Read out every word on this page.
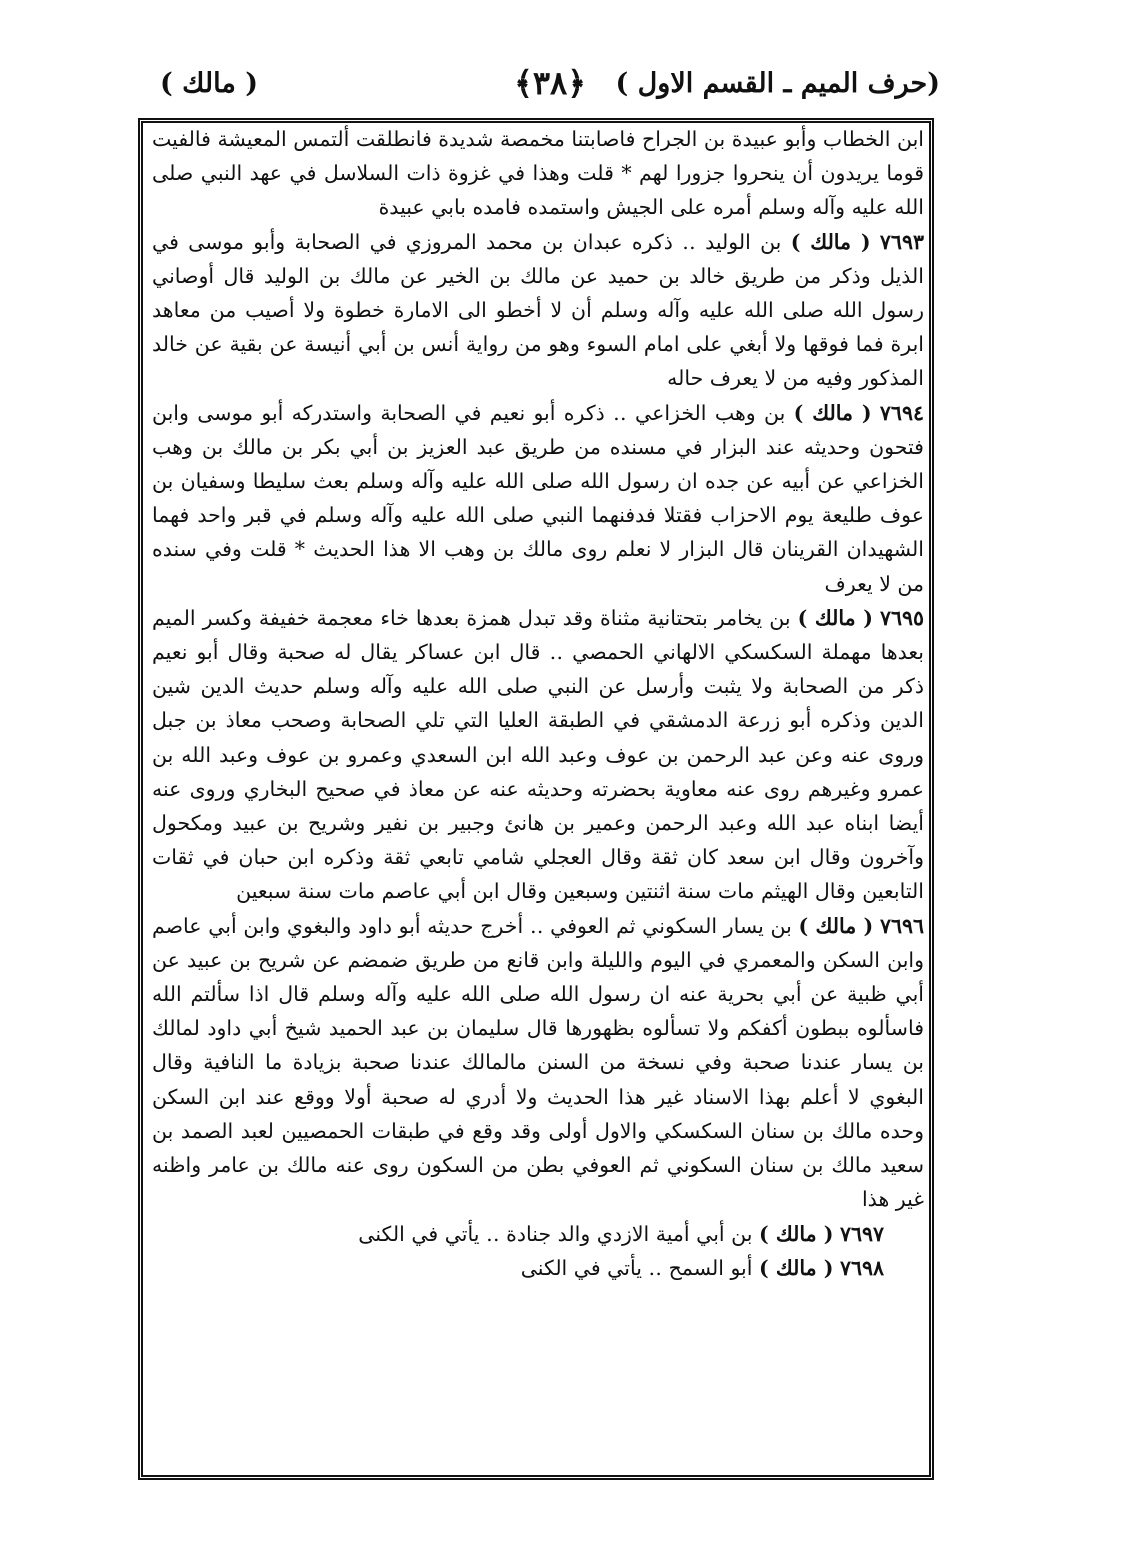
(حرف الميم ـ القسم الاول )
﴿٣٨﴾
( مالك )

ابن الخطاب وأبو عبيدة بن الجراح فاصابتنا مخمصة شديدة فانطلقت ألتمس المعيشة فالفيت قوما يريدون أن ينحروا جزورا لهم * قلت وهذا في غزوة ذات السلاسل في عهد النبي صلى الله عليه وآله وسلم أمره على الجيش واستمده فامده بابي عبيدة

٧٦٩٣ ( مالك ) بن الوليد ‥ ذكره عبدان بن محمد المروزي في الصحابة وأبو موسى في الذيل وذكر من طريق خالد بن حميد عن مالك بن الخير عن مالك بن الوليد قال أوصاني رسول الله صلى الله عليه وآله وسلم أن لا أخطو الى الامارة خطوة ولا أصيب من معاهد ابرة فما فوقها ولا أبغي على امام السوء وهو من رواية أنس بن أبي أنيسة عن بقية عن خالد المذكور وفيه من لا يعرف حاله

٧٦٩٤ ( مالك ) بن وهب الخزاعي ‥ ذكره أبو نعيم في الصحابة واستدركه أبو موسى وابن فتحون وحديثه عند البزار في مسنده من طريق عبد العزيز بن أبي بكر بن مالك بن وهب الخزاعي عن أبيه عن جده ان رسول الله صلى الله عليه وآله وسلم بعث سليطا وسفيان بن عوف طليعة يوم الاحزاب فقتلا فدفنهما النبي صلى الله عليه وآله وسلم في قبر واحد فهما الشهيدان القرينان قال البزار لا نعلم روى مالك بن وهب الا هذا الحديث * قلت وفي سنده من لا يعرف

٧٦٩٥ ( مالك ) بن يخامر بتحتانية مثناة وقد تبدل همزة بعدها خاء معجمة خفيفة وكسر الميم بعدها مهملة السكسكي الالهاني الحمصي ‥ قال ابن عساكر يقال له صحبة وقال أبو نعيم ذكر من الصحابة ولا يثبت وأرسل عن النبي صلى الله عليه وآله وسلم حديث الدين شين الدين وذكره أبو زرعة الدمشقي في الطبقة العليا التي تلي الصحابة وصحب معاذ بن جبل وروى عنه وعن عبد الرحمن بن عوف وعبد الله ابن السعدي وعمرو بن عوف وعبد الله بن عمرو وغيرهم روى عنه معاوية بحضرته وحديثه عنه عن معاذ في صحيح البخاري وروى عنه أيضا ابناه عبد الله وعبد الرحمن وعمير بن هانئ وجبير بن نفير وشريح بن عبيد ومكحول وآخرون وقال ابن سعد كان ثقة وقال العجلي شامي تابعي ثقة وذكره ابن حبان في ثقات التابعين وقال الهيثم مات سنة اثنتين وسبعين وقال ابن أبي عاصم مات سنة سبعين

٧٦٩٦ ( مالك ) بن يسار السكوني ثم العوفي ‥ أخرج حديثه أبو داود والبغوي وابن أبي عاصم وابن السكن والمعمري في اليوم والليلة وابن قانع من طريق ضمضم عن شريح بن عبيد عن أبي ظبية عن أبي بحرية عنه ان رسول الله صلى الله عليه وآله وسلم قال اذا سألتم الله فاسألوه ببطون أكفكم ولا تسألوه بظهورها قال سليمان بن عبد الحميد شيخ أبي داود لمالك بن يسار عندنا صحبة وفي نسخة من السنن مالمالك عندنا صحبة بزيادة ما النافية وقال البغوي لا أعلم بهذا الاسناد غير هذا الحديث ولا أدري له صحبة أولا ووقع عند ابن السكن وحده مالك بن سنان السكسكي والاول أولى وقد وقع في طبقات الحمصيين لعبد الصمد بن سعيد مالك بن سنان السكوني ثم العوفي بطن من السكون روى عنه مالك بن عامر واظنه غير هذا

٧٦٩٧ ( مالك ) بن أبي أمية الازدي والد جنادة ‥ يأتي في الكنى

٧٦٩٨ ( مالك ) أبو السمح ‥ يأتي في الكنى
